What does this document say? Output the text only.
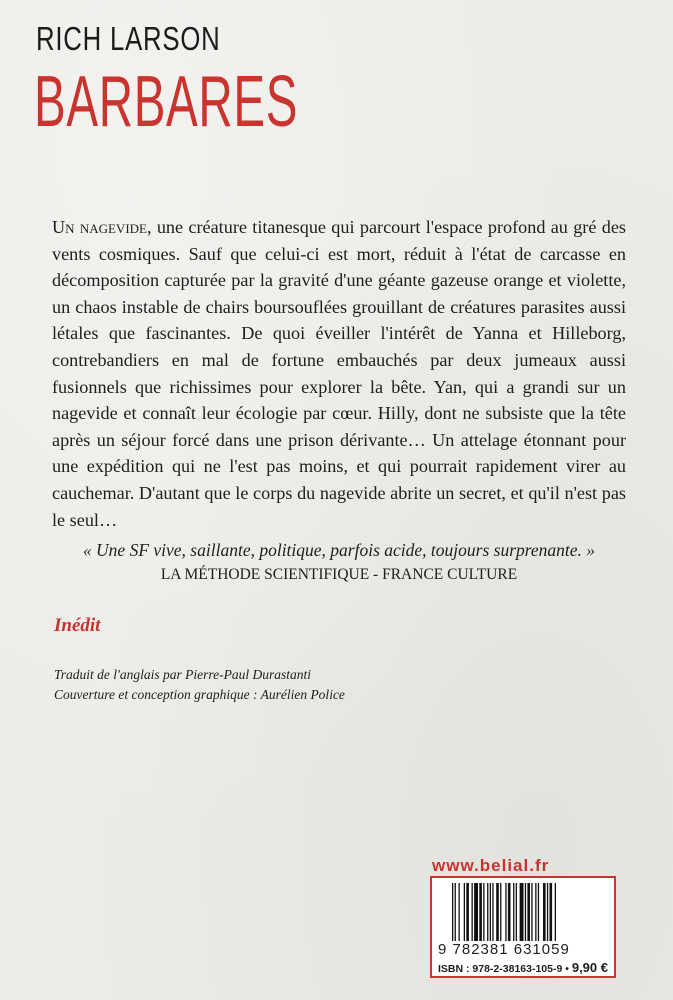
RICH LARSON
BARBARES

Un nagevide, une créature titanesque qui parcourt l'espace profond au gré des vents cosmiques. Sauf que celui-ci est mort, réduit à l'état de carcasse en décomposition capturée par la gravité d'une géante gazeuse orange et violette, un chaos instable de chairs boursouflées grouillant de créatures parasites aussi létales que fascinantes. De quoi éveiller l'intérêt de Yanna et Hilleborg, contrebandiers en mal de fortune embauchés par deux jumeaux aussi fusionnels que richissimes pour explorer la bête. Yan, qui a grandi sur un nagevide et connaît leur écologie par cœur. Hilly, dont ne subsiste que la tête après un séjour forcé dans une prison dérivante… Un attelage étonnant pour une expédition qui ne l'est pas moins, et qui pourrait rapidement virer au cauchemar. D'autant que le corps du nagevide abrite un secret, et qu'il n'est pas le seul…

« Une SF vive, saillante, politique, parfois acide, toujours surprenante. »

LA MÉTHODE SCIENTIFIQUE - FRANCE CULTURE

Inédit
Traduit de l'anglais par Pierre-Paul Durastanti
Couverture et conception graphique : Aurélien Police
www.belial.fr
9 782381 631059
ISBN : 978-2-38163-105-9 • 9,90 €
